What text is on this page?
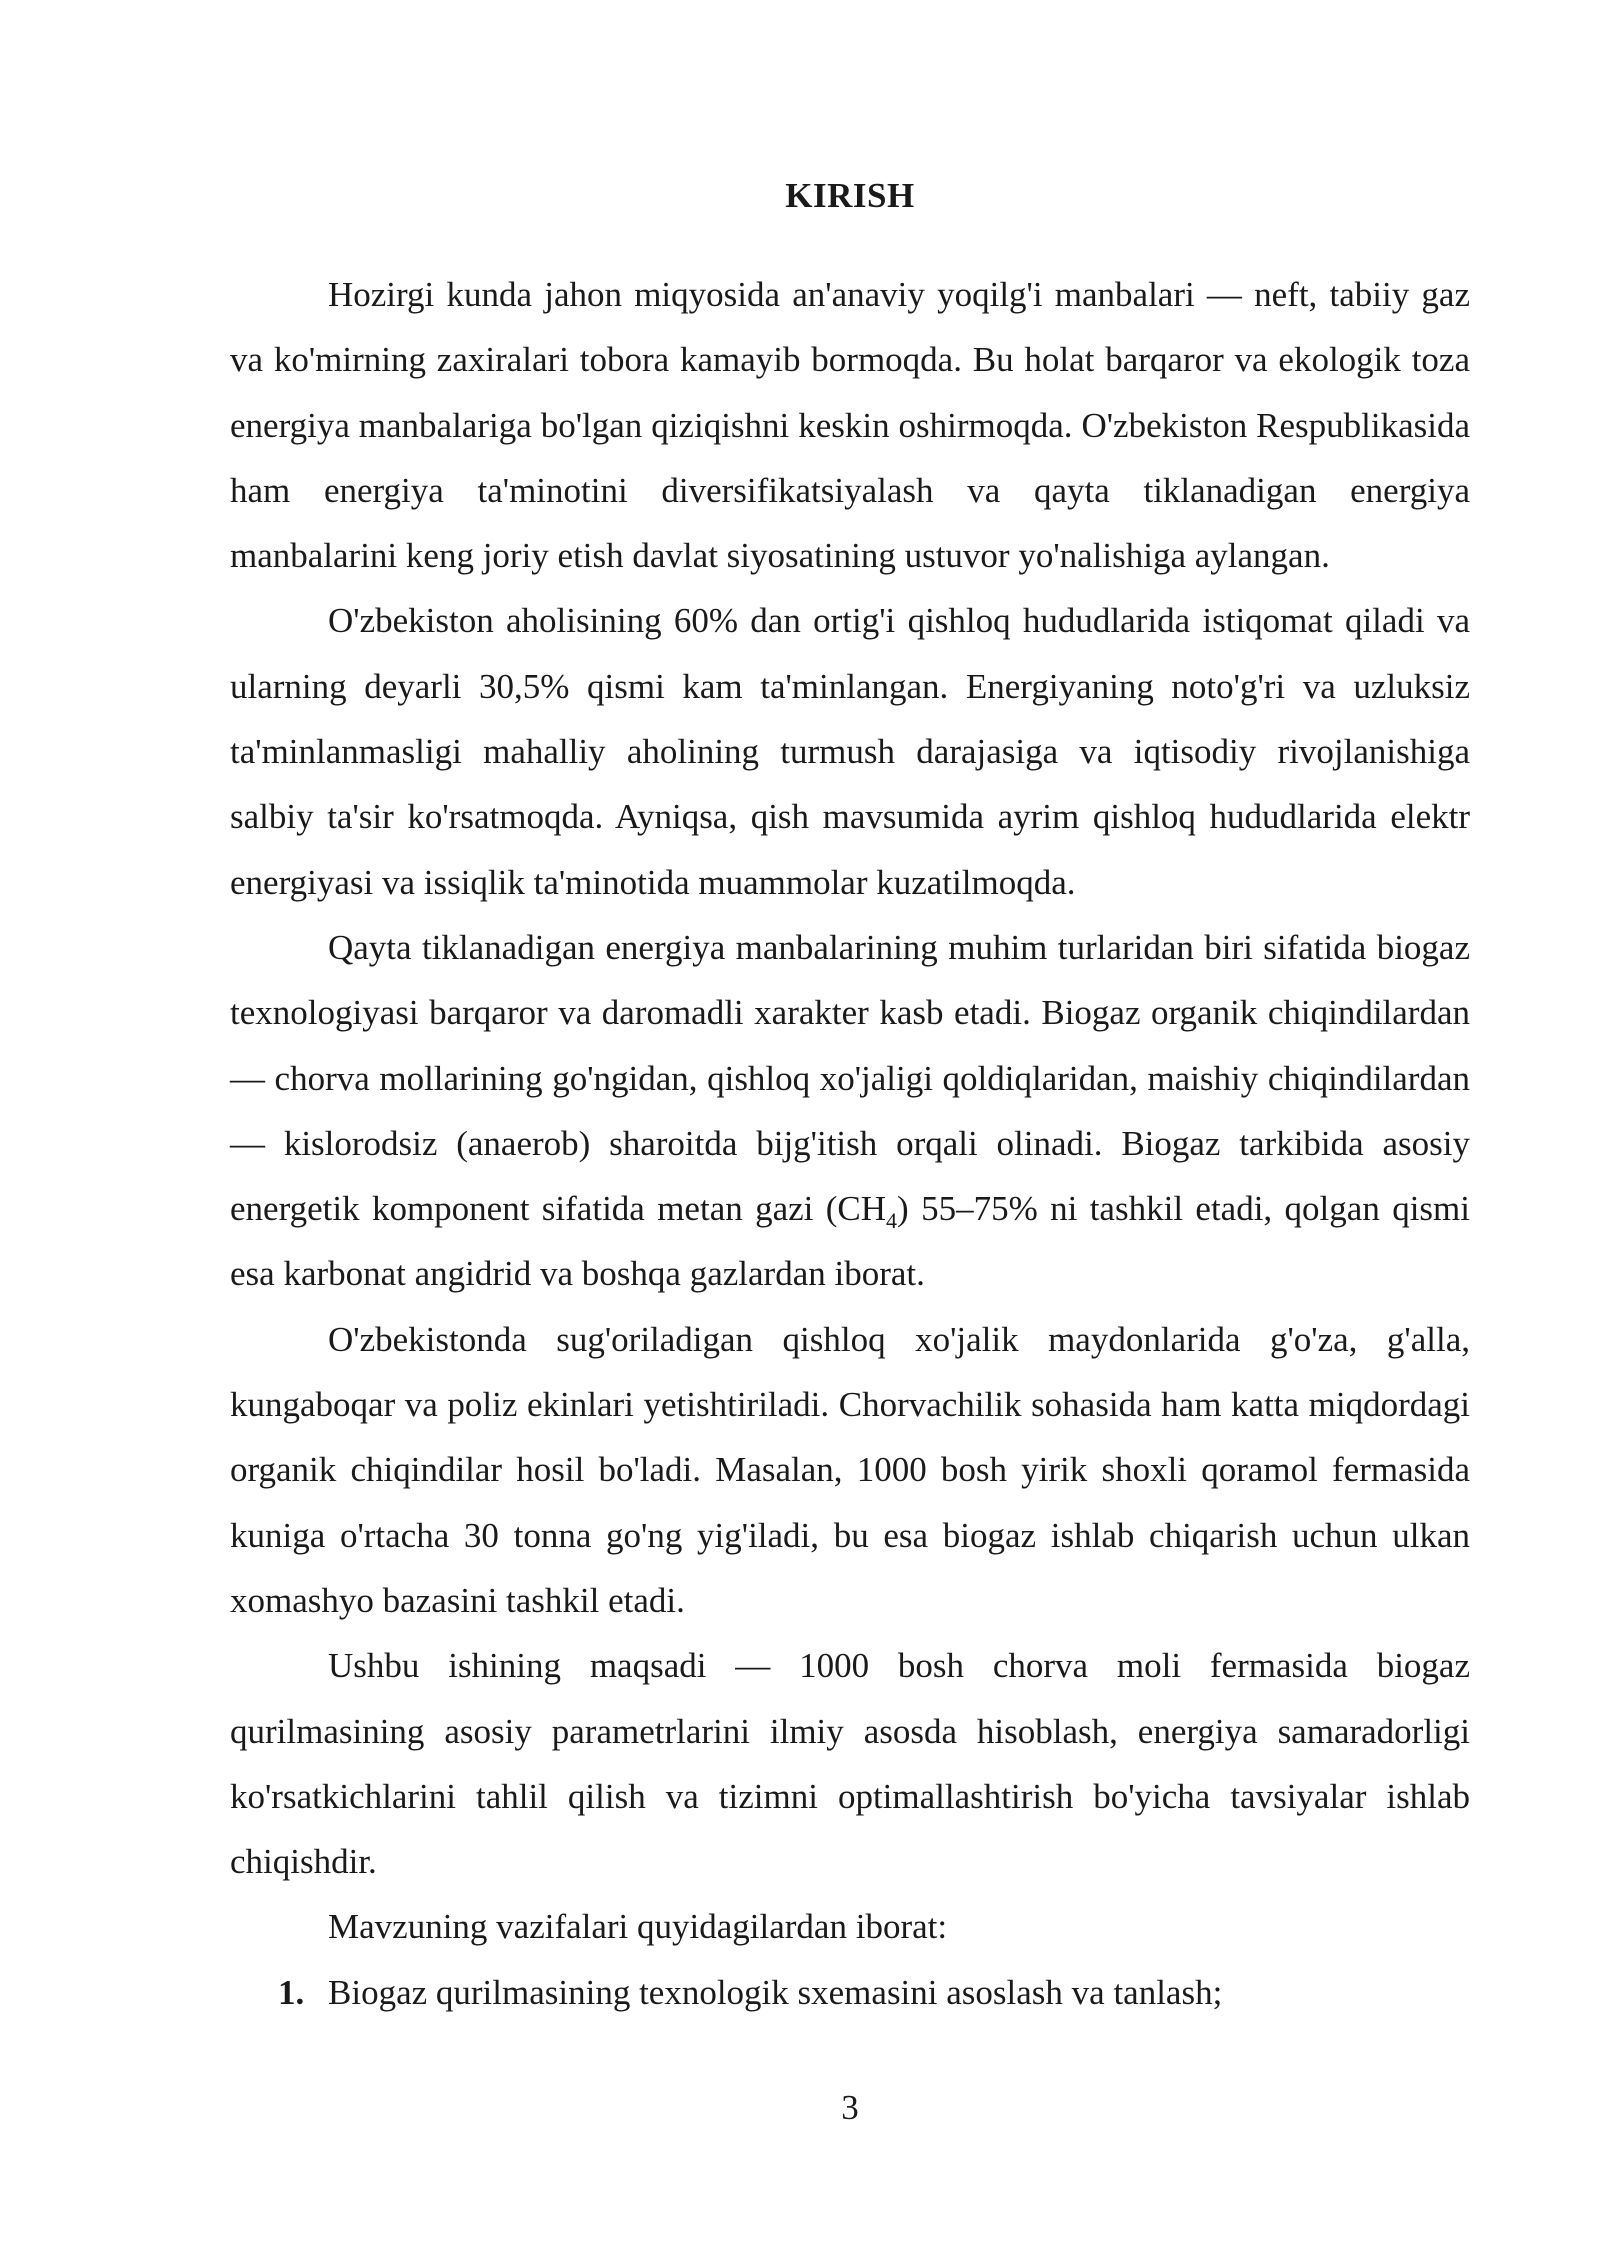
KIRISH

Hozirgi kunda jahon miqyosida an'anaviy yoqilg'i manbalari — neft, tabiiy gaz va ko'mirning zaxiralari tobora kamayib bormoqda. Bu holat barqaror va ekologik toza energiya manbalariga bo'lgan qiziqishni keskin oshirmoqda. O'zbekiston Respublikasida ham energiya ta'minotini diversifikatsiyalash va qayta tiklanadigan energiya manbalarini keng joriy etish davlat siyosatining ustuvor yo'nalishiga aylangan.

O'zbekiston aholisining 60% dan ortig'i qishloq hududlarida istiqomat qiladi va ularning deyarli 30,5% qismi kam ta'minlangan. Energiyaning noto'g'ri va uzluksiz ta'minlanmasligi mahalliy aholining turmush darajasiga va iqtisodiy rivojlanishiga salbiy ta'sir ko'rsatmoqda. Ayniqsa, qish mavsumida ayrim qishloq hududlarida elektr energiyasi va issiqlik ta'minotida muammolar kuzatilmoqda.

Qayta tiklanadigan energiya manbalarining muhim turlaridan biri sifatida biogaz texnologiyasi barqaror va daromadli xarakter kasb etadi. Biogaz organik chiqindilardan — chorva mollarining go'ngidan, qishloq xo'jaligi qoldiqlaridan, maishiy chiqindilardan — kislorodsiz (anaerob) sharoitda bijg'itish orqali olinadi. Biogaz tarkibida asosiy energetik komponent sifatida metan gazi $(CH_4)$ 55–75% ni tashkil etadi, qolgan qismi esa karbonat angidrid va boshqa gazlardan iborat.

O'zbekistonda sug'oriladigan qishloq xo'jalik maydonlarida g'o'za, g'alla, kungaboqar va poliz ekinlari yetishtiriladi. Chorvachilik sohasida ham katta miqdordagi organik chiqindilar hosil bo'ladi. Masalan, 1000 bosh yirik shoxli qoramol fermasida kuniga o'rtacha 30 tonna go'ng yig'iladi, bu esa biogaz ishlab chiqarish uchun ulkan xomashyo bazasini tashkil etadi.

Ushbu ishining maqsadi — 1000 bosh chorva moli fermasida biogaz qurilmasining asosiy parametrlarini ilmiy asosda hisoblash, energiya samaradorligi ko'rsatkichlarini tahlil qilish va tizimni optimallashtirish bo'yicha tavsiyalar ishlab chiqishdir.

Mavzuning vazifalari quyidagilardan iborat:

1. Biogaz qurilmasining texnologik sxemasini asoslash va tanlash;
3
